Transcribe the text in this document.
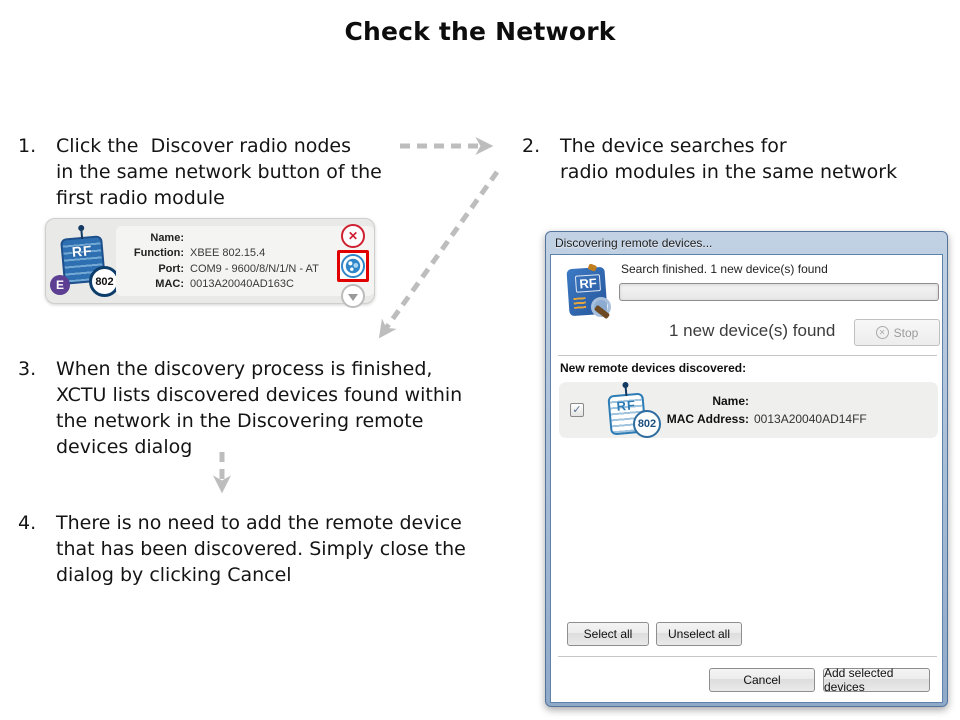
Check the Network
1.	Click the  Discover radio nodes
in the same network button of the
first radio module
2.	The device searches for
radio modules in the same network
3.	When the discovery process is finished,
XCTU lists discovered devices found within
the network in the Discovering remote
devices dialog
4.	There is no need to add the remote device
that has been discovered. Simply close the
dialog by clicking Cancel
RF
802
E
Name:
Function: XBEE 802.15.4
Port: COM9 - 9600/8/N/1/N - AT
MAC: 0013A20040AD163C
✕	Discovering remote devices...
RF
Search finished. 1 new device(s) found
1 new device(s) found	✕ Stop
New remote devices discovered:
✓	RF
802
Name:
MAC Address: 0013A20040AD14FF
Select all	Unselect all
Cancel	Add selected devices
